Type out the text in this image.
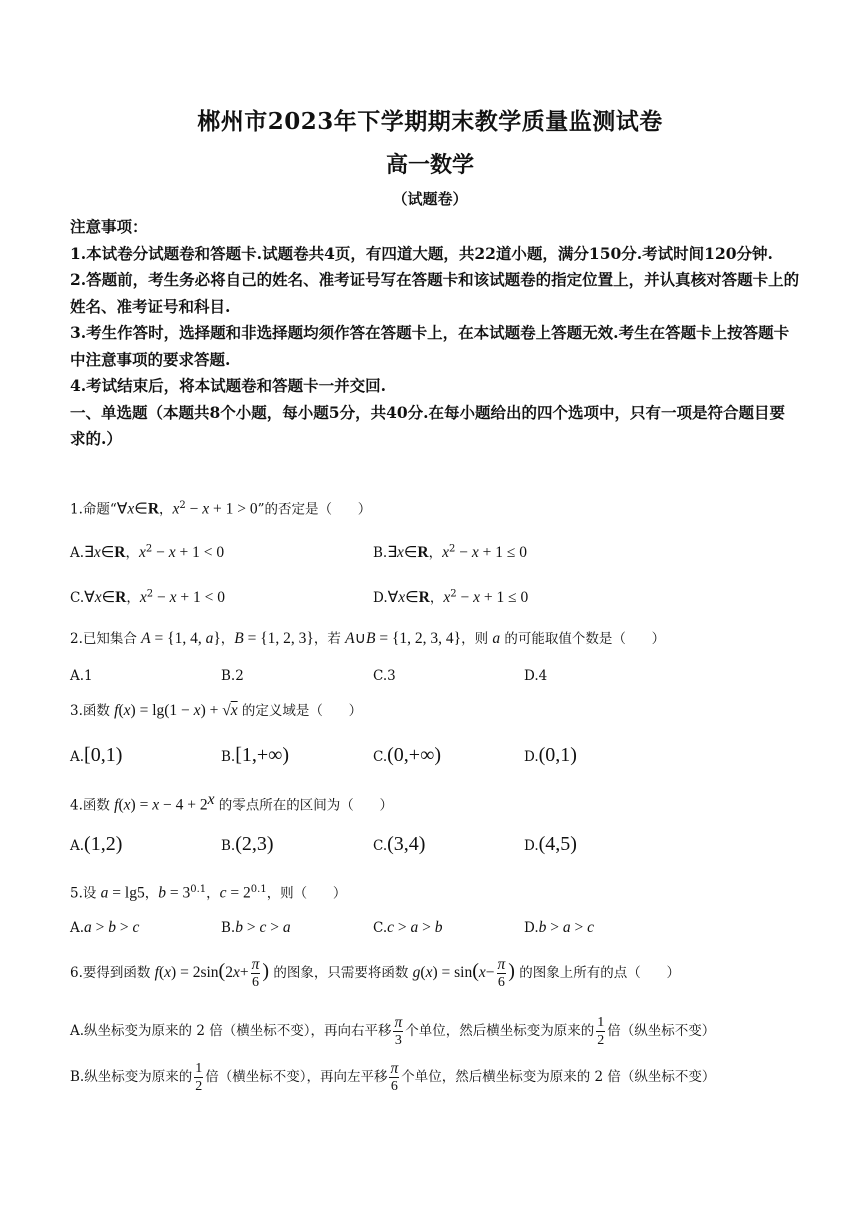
郴州市2023年下学期期末教学质量监测试卷
高一数学
（试题卷）

注意事项：

1.本试卷分试题卷和答题卡.试题卷共4页，有四道大题，共22道小题，满分150分.考试时间120分钟.

2.答题前，考生务必将自己的姓名、准考证号写在答题卡和该试题卷的指定位置上，并认真核对答题卡上的姓名、准考证号和科目.

3.考生作答时，选择题和非选择题均须作答在答题卡上，在本试题卷上答题无效.考生在答题卡上按答题卡中注意事项的要求答题.

4.考试结束后，将本试题卷和答题卡一并交回.

一、单选题（本题共8个小题，每小题5分，共40分.在每小题给出的四个选项中，只有一项是符合题目要求的.）

1.命题“∀x∈R，$x^2 - x + 1 > 0$”的否定是（      ）
A.∃x∈R，$x^2 - x + 1 < 0$	B.∃x∈R，$x^2 - x + 1 \le 0$
C.∀x∈R，$x^2 - x + 1 < 0$	D.∀x∈R，$x^2 - x + 1 \le 0$
2.已知集合 A = {1, 4, a}，B = {1, 2, 3}，若 A∪B = {1, 2, 3, 4}，则 a 的可能取值个数是（      ）
A.1	B.2	C.3	D.4
3.函数 f(x) = lg(1 − x) + √x 的定义域是（      ）
A.[0,1)	B.[1,+∞)	C.(0,+∞)	D.(0,1)
4.函数 $f(x) = x - 4 + 2^x$ 的零点所在的区间为（      ）
A.(1,2)	B.(2,3)	C.(3,4)	D.(4,5)
5.设 a = lg5，$b = 3^{0.1}$，$c = 2^{0.1}$，则（      ）
A.a > b > c	B.b > c > a	C.c > a > b	D.b > a > c
6.要得到函数 $f(x) = 2\sin(2x+ \frac{\pi}{6}$ ) 的图象，只需要将函数 $g(x) = \sin(x- \frac{\pi}{6}$ ) 的图象上所有的点（      ）
A.纵坐标变为原来的 2 倍（横坐标不变），再向右平移 $\frac{\pi}{3}$ 个单位，然后横坐标变为原来的 $\frac{1}{2}$ 倍（纵坐标不变）
B.纵坐标变为原来的 $\frac{1}{2}$ 倍（横坐标不变），再向左平移 $\frac{\pi}{6}$ 个单位，然后横坐标变为原来的 2 倍（纵坐标不变）
